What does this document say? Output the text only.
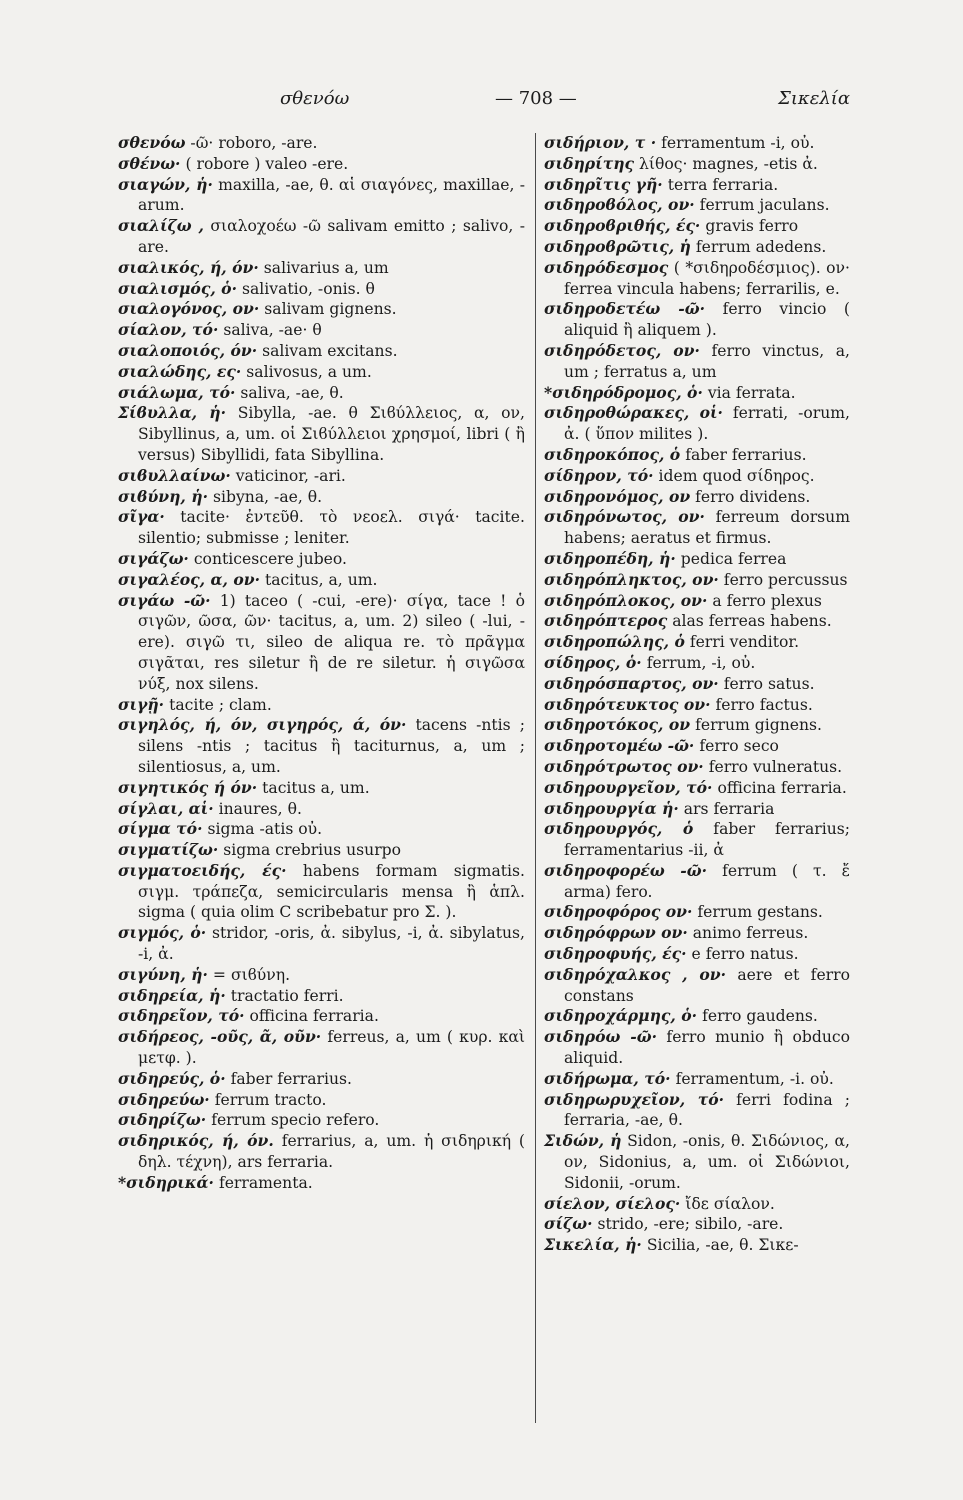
σθενόω	— 708 —	Σικελία
σθενόω -ῶ· roboro, -are.
σθένω· ( robore ) valeo -ere.
σιαγών, ἡ· maxilla, -ae, θ. αἱ σιαγόνες, maxillae, -arum.
σιαλίζω , σιαλοχοέω -ῶ salivam emitto ; salivo, -are.
σιαλικός, ή, όν· salivarius a, um
σιαλισμός, ὁ· salivatio, -onis. θ
σιαλογόνος, ον· salivam gignens.
σίαλον, τό· saliva, -ae· θ
σιαλοποιός, όν· salivam excitans.
σιαλώδης, ες· salivosus, a um.
σιάλωμα, τό· saliva, -ae, θ.
Σίϐυλλα, ἡ· Sibylla, -ae. θ Σιϐύλλειος, α, ον, Sibyllinus, a, um. οἱ Σιϐύλλειοι χρησμοί, libri ( ἢ versus) Sibyllidi, fata Sibyllina.
σιϐυλλαίνω· vaticinor, -ari.
σιϐύνη, ἡ· sibyna, -ae, θ.
σῖγα· tacite· ἐντεῦθ. τὸ νεοελ. σιγά· tacite. silentio; submisse ; leniter.
σιγάζω· conticescere jubeo.
σιγαλέος, α, ον· tacitus, a, um.
σιγάω -ῶ· 1) taceo ( -cui, -ere)· σίγα, tace ! ὁ σιγῶν, ῶσα, ῶν· tacitus, a, um. 2) sileo ( -lui, -ere). σιγῶ τι, sileo de aliqua re. τὸ πρᾶγμα σιγᾶται, res siletur ἢ de re siletur. ἡ σιγῶσα νύξ, nox silens.
σιγῇ· tacite ; clam.
σιγηλός, ή, όν, σιγηρός, ά, όν· tacens -ntis ; silens -ntis ; tacitus ἢ taciturnus, a, um ; silentiosus, a, um.
σιγητικός ή όν· tacitus a, um.
σίγλαι, αἱ· inaures, θ.
σίγμα τό· sigma -atis οὐ.
σιγματίζω· sigma crebrius usurpo
σιγματοειδής, ές· habens formam sigmatis. σιγμ. τράπεζα, semicircularis mensa ἢ ἁπλ. sigma ( quia olim C scribebatur pro Σ. ).
σιγμός, ὁ· stridor, -oris, ἀ. sibylus, -i, ἀ. sibylatus, -i, ἀ.
σιγύνη, ἡ· = σιϐύνη.
σιδηρεία, ἡ· tractatio ferri.
σιδηρεῖον, τό· officina ferraria.
σιδήρεος, -οῦς, ᾶ, οῦν· ferreus, a, um ( κυρ. καὶ μετφ. ).
σιδηρεύς, ὁ· faber ferrarius.
σιδηρεύω· ferrum tracto.
σιδηρίζω· ferrum specio refero.
σιδηρικός, ή, όν. ferrarius, a, um. ἡ σιδηρική ( δηλ. τέχνη), ars ferraria.
*σιδηρικά· ferramenta.
σιδήριον, τ · ferramentum -i, οὐ.
σιδηρίτης λίθος· magnes, -etis ἀ.
σιδηρῖτις γῆ· terra ferraria.
σιδηροϐόλος, ον· ferrum jaculans.
σιδηροϐριθής, ές· gravis ferro
σιδηροϐρῶτις, ἡ ferrum adedens.
σιδηρόδεσμος ( *σιδηροδέσμιος). ον· ferrea vincula habens; ferrarilis, e.
σιδηροδετέω -ῶ· ferro vincio ( aliquid ἢ aliquem ).
σιδηρόδετος, ον· ferro vinctus, a, um ; ferratus a, um
*σιδηρόδρομος, ὁ· via ferrata.
σιδηροθώρακες, οἱ· ferrati, -orum, ἀ. ( ὕπον milites ).
σιδηροκόπος, ὁ faber ferrarius.
σίδηρον, τό· idem quod σίδηρος.
σιδηρονόμος, ον ferro dividens.
σιδηρόνωτος, ον· ferreum dorsum habens; aeratus et firmus.
σιδηροπέδη, ἡ· pedica ferrea
σιδηρόπληκτος, ον· ferro percussus
σιδηρόπλοκος, ον· a ferro plexus
σιδηρόπτερος alas ferreas habens.
σιδηροπώλης, ὁ ferri venditor.
σίδηρος, ὁ· ferrum, -i, οὐ.
σιδηρόσπαρτος, ον· ferro satus.
σιδηρότευκτος ον· ferro factus.
σιδηροτόκος, ον ferrum gignens.
σιδηροτομέω -ῶ· ferro seco
σιδηρότρωτος ον· ferro vulneratus.
σιδηρουργεῖον, τό· officina ferraria.
σιδηρουργία ἡ· ars ferraria
σιδηρουργός, ὁ faber ferrarius; ferramentarius -ii, ἀ
σιδηροφορέω -ῶ· ferrum ( τ. ἔ arma) fero.
σιδηροφόρος ον· ferrum gestans.
σιδηρόφρων ον· animo ferreus.
σιδηροφυής, ές· e ferro natus.
σιδηρόχαλκος , ον· aere et ferro constans
σιδηροχάρμης, ὁ· ferro gaudens.
σιδηρόω -ῶ· ferro munio ἢ obduco aliquid.
σιδήρωμα, τό· ferramentum, -i. οὐ.
σιδηρωρυχεῖον, τό· ferri fodina ; ferraria, -ae, θ.
Σιδών, ἡ Sidon, -onis, θ. Σιδώνιος, α, ον, Sidonius, a, um. οἱ Σιδώνιοι, Sidonii, -orum.
σίελον, σίελος· ἴδε σίαλον.
σίζω· strido, -ere; sibilo, -are.
Σικελία, ἡ· Sicilia, -ae, θ. Σικε-
